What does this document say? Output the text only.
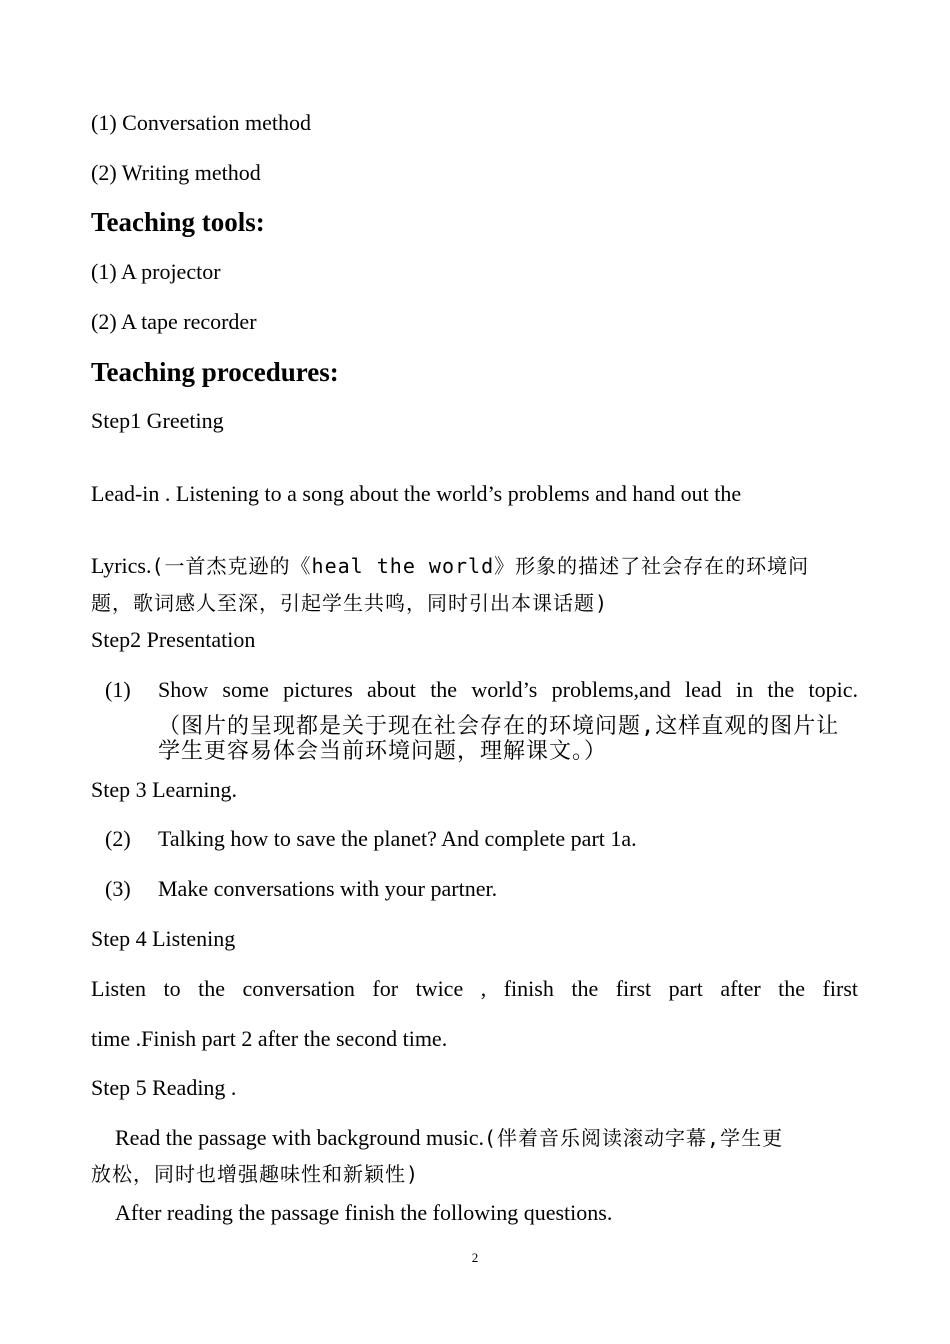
(1) Conversation method
(2) Writing method
Teaching tools:
(1) A projector
(2) A tape recorder
Teaching procedures:
Step1 Greeting
Lead-in . Listening to a song about the world’s problems and hand out the
Lyrics.(一首杰克逊的《heal the world》形象的描述了社会存在的环境问
题，歌词感人至深，引起学生共鸣，同时引出本课话题)
Step2 Presentation
(1) Show some pictures about the world’s problems,and lead in the topic.
（图片的呈现都是关于现在社会存在的环境问题,这样直观的图片让
学生更容易体会当前环境问题，理解课文。）
Step 3 Learning.
(2) Talking how to save the planet? And complete part 1a.
(3) Make conversations with your partner.
Step 4 Listening
Listen to the conversation for twice , finish the first part after the first
time .Finish part 2 after the second time.
Step 5 Reading .
Read the passage with background music.(伴着音乐阅读滚动字幕,学生更
放松，同时也增强趣味性和新颖性)
After reading the passage finish the following questions.
2
